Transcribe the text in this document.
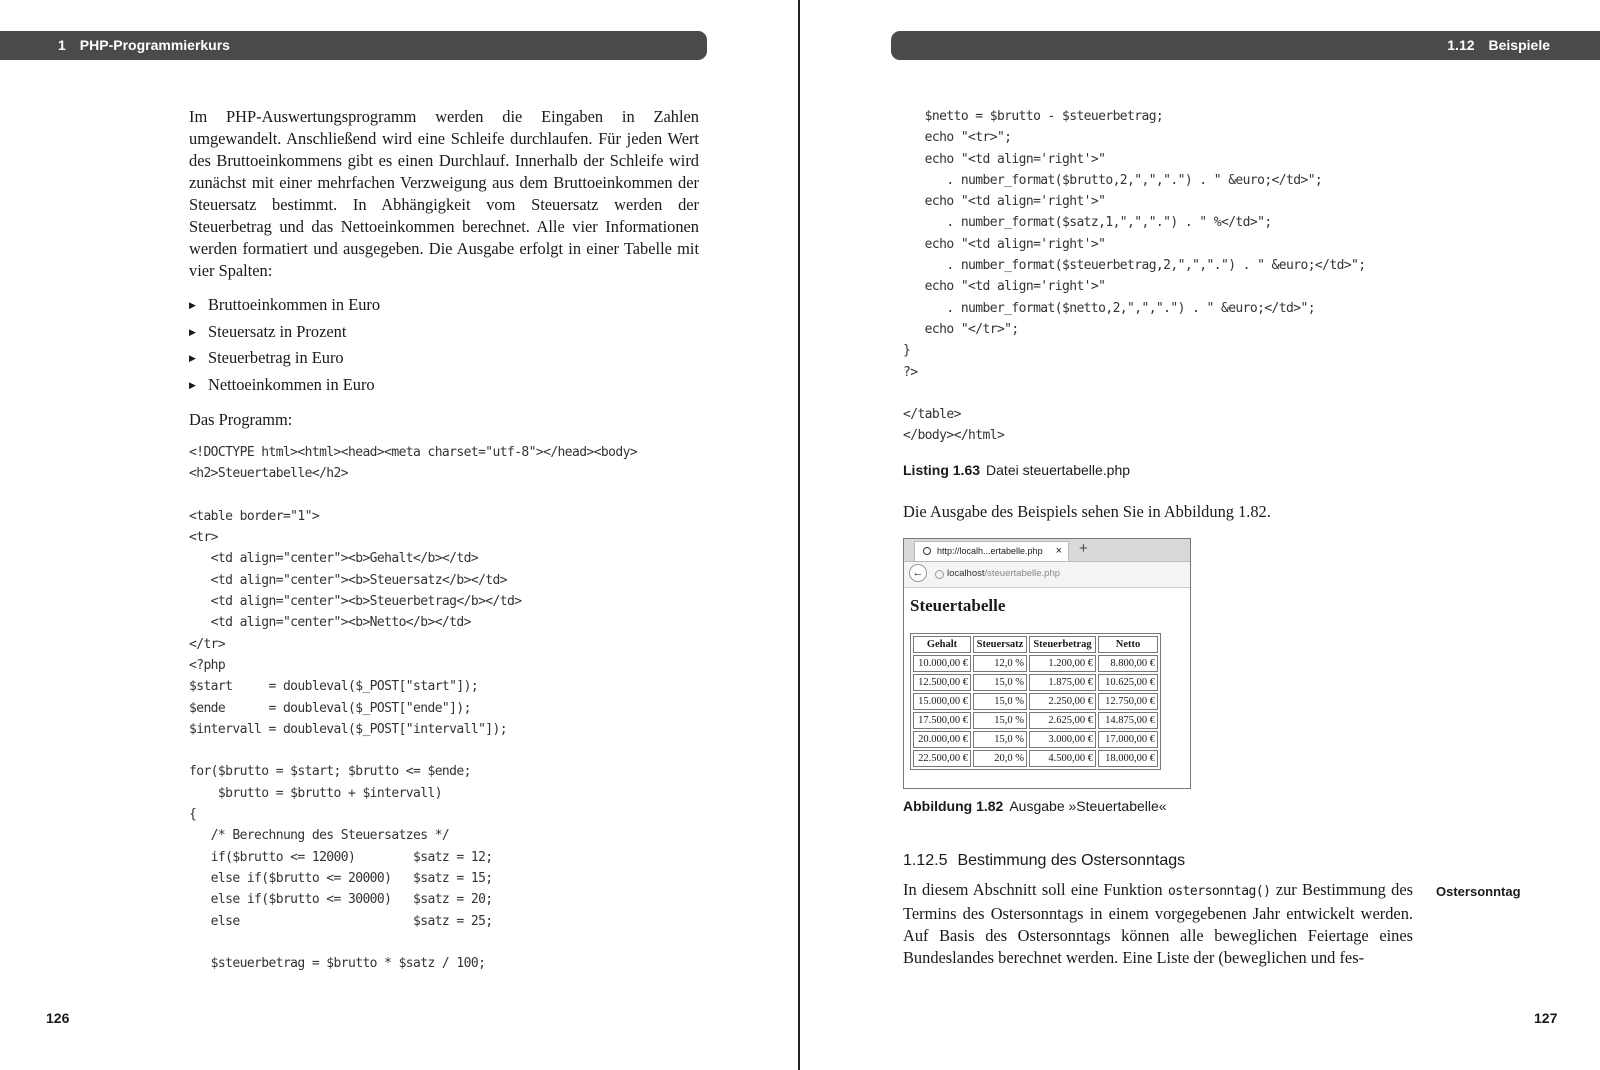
1 PHP-Programmierkurs

Im PHP-Auswertungsprogramm werden die Eingaben in Zahlen umgewandelt. Anschließend wird eine Schleife durchlaufen. Für jeden Wert des Bruttoeinkommens gibt es einen Durchlauf. Innerhalb der Schleife wird zunächst mit einer mehrfachen Verzweigung aus dem Bruttoeinkommen der Steuersatz bestimmt. In Abhängigkeit vom Steuersatz werden der Steuerbetrag und das Nettoeinkommen berechnet. Alle vier Informationen werden formatiert und ausgegeben. Die Ausgabe erfolgt in einer Tabelle mit vier Spalten:

▶ Bruttoeinkommen in Euro
▶ Steuersatz in Prozent
▶ Steuerbetrag in Euro
▶ Nettoeinkommen in Euro
Das Programm:
<!DOCTYPE html><html><head><meta charset="utf-8"></head><body>
<h2>Steuertabelle</h2>

<table border="1">
<tr>
<td align="center"><b>Gehalt</b></td>
<td align="center"><b>Steuersatz</b></td>
<td align="center"><b>Steuerbetrag</b></td>
<td align="center"><b>Netto</b></td>
</tr>
<?php
$start     = doubleval($_POST["start"]);
$ende      = doubleval($_POST["ende"]);
$intervall = doubleval($_POST["intervall"]);

for($brutto = $start; $brutto <= $ende;
$brutto = $brutto + $intervall)
{
/* Berechnung des Steuersatzes */
if($brutto <= 12000)        $satz = 12;
else if($brutto <= 20000)   $satz = 15;
else if($brutto <= 30000)   $satz = 20;
else                        $satz = 25;

$steuerbetrag = $brutto * $satz / 100;
126
1.12 Beispiele
$netto = $brutto - $steuerbetrag;
echo "<tr>";
echo "<td align='right'>"
. number_format($brutto,2,",",".") . " &euro;</td>";
echo "<td align='right'>"
. number_format($satz,1,",",".") . " %</td>";
echo "<td align='right'>"
. number_format($steuerbetrag,2,",",".") . " &euro;</td>";
echo "<td align='right'>"
. number_format($netto,2,",",".") . " &euro;</td>";
echo "</tr>";
}
?>

</table>
</body></html>
Listing 1.63 Datei steuertabelle.php
Die Ausgabe des Beispiels sehen Sie in Abbildung 1.82.
http://localh...ertabelle.php × +
←	localhost/steuertabelle.php
Steuertabelle
Gehalt	Steuersatz	Steuerbetrag	Netto
10.000,00 €	12,0 %	1.200,00 €	8.800,00 €
12.500,00 €	15,0 %	1.875,00 €	10.625,00 €
15.000,00 €	15,0 %	2.250,00 €	12.750,00 €
17.500,00 €	15,0 %	2.625,00 €	14.875,00 €
20.000,00 €	15,0 %	3.000,00 €	17.000,00 €
22.500,00 €	20,0 %	4.500,00 €	18.000,00 €
Abbildung 1.82 Ausgabe »Steuertabelle«
1.12.5 Bestimmung des Ostersonntags

In diesem Abschnitt soll eine Funktion ostersonntag() zur Bestimmung des Termins des Ostersonntags in einem vorgegebenen Jahr entwickelt werden. Auf Basis des Ostersonntags können alle beweglichen Feiertage eines Bundeslandes berechnet werden. Eine Liste der (beweglichen und fes-

Ostersonntag
127
